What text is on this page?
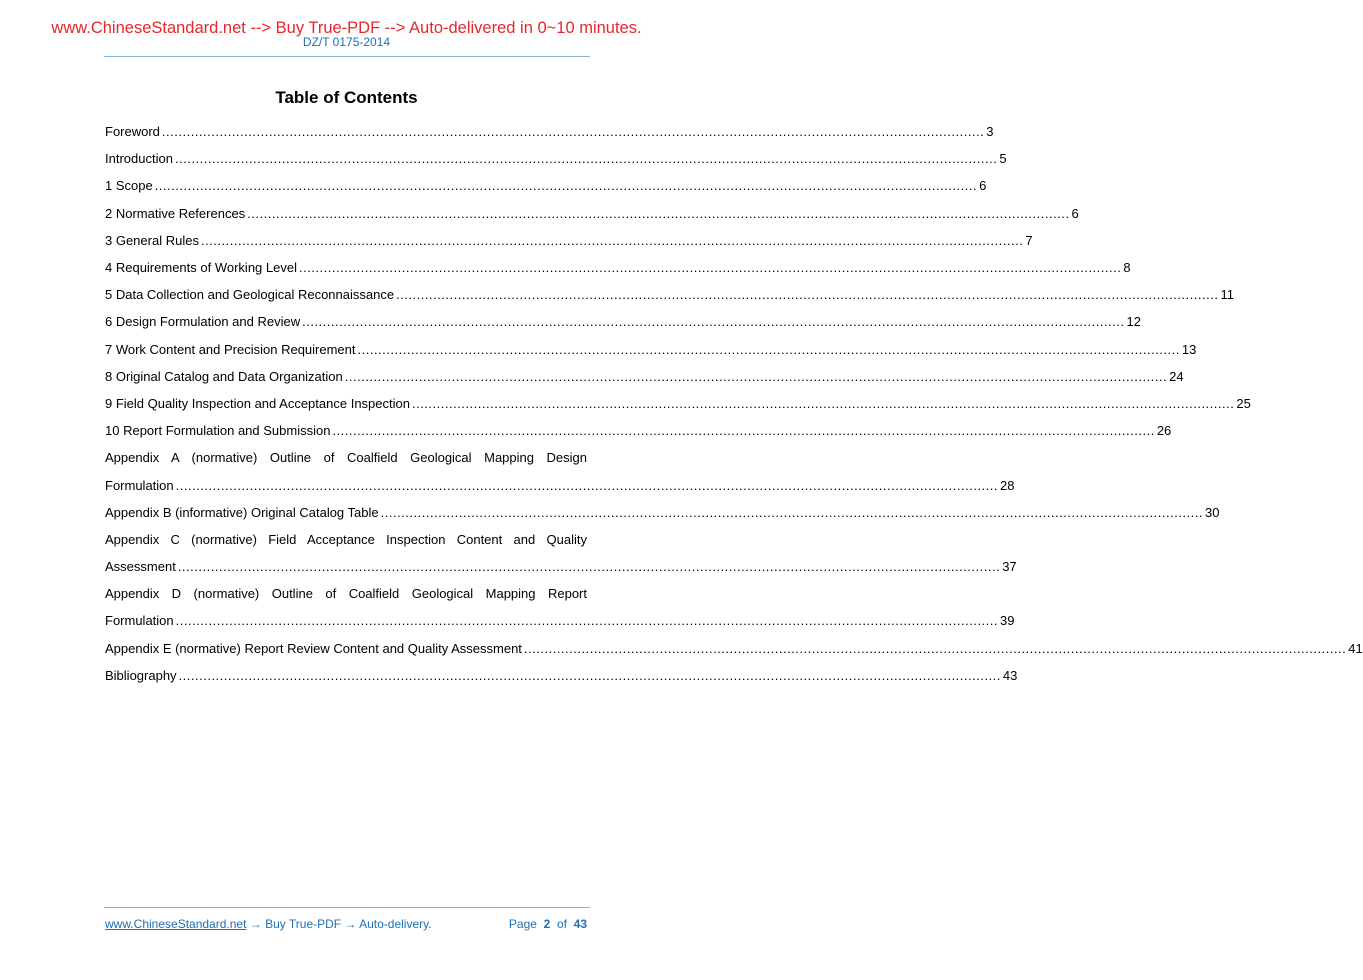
www.ChineseStandard.net --> Buy True-PDF --> Auto-delivered in 0~10 minutes.
DZ/T 0175-2014
Table of Contents
Foreword ........................................................................................................................................................................................................ 3
Introduction ........................................................................................................................................................................................................ 5
1 Scope ........................................................................................................................................................................................................ 6
2 Normative References ........................................................................................................................................................................................................ 6
3 General Rules ........................................................................................................................................................................................................ 7
4 Requirements of Working Level ........................................................................................................................................................................................................ 8
5 Data Collection and Geological Reconnaissance ........................................................................................................................................................................................................ 11
6 Design Formulation and Review ........................................................................................................................................................................................................ 12
7 Work Content and Precision Requirement ........................................................................................................................................................................................................ 13
8 Original Catalog and Data Organization ........................................................................................................................................................................................................ 24
9 Field Quality Inspection and Acceptance Inspection ........................................................................................................................................................................................................ 25
10 Report Formulation and Submission ........................................................................................................................................................................................................ 26
Appendix A (normative) Outline of Coalfield Geological Mapping Design
Formulation ........................................................................................................................................................................................................ 28
Appendix B (informative) Original Catalog Table ........................................................................................................................................................................................................ 30
Appendix C (normative) Field Acceptance Inspection Content and Quality
Assessment ........................................................................................................................................................................................................ 37
Appendix D (normative) Outline of Coalfield Geological Mapping Report
Formulation ........................................................................................................................................................................................................ 39
Appendix E (normative) Report Review Content and Quality Assessment ........................................................................................................................................................................................................ 41
Bibliography ........................................................................................................................................................................................................ 43
www.ChineseStandard.net → Buy True-PDF → Auto-delivery.	Page 2 of 43
